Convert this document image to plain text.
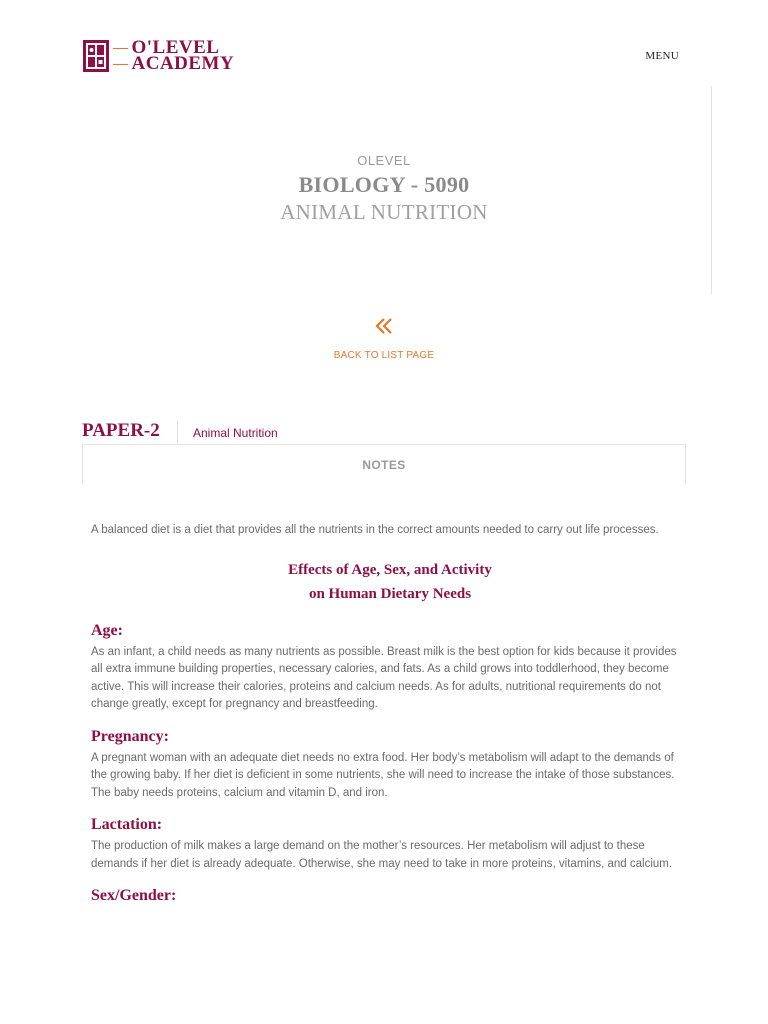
— O'LEVEL
— ACADEMY	MENU
OLEVEL
BIOLOGY - 5090
ANIMAL NUTRITION
BACK TO LIST PAGE
PAPER-2	Animal Nutrition
NOTES

A balanced diet is a diet that provides all the nutrients in the correct amounts needed to carry out life processes.

Effects of Age, Sex, and Activity
on Human Dietary Needs
Age:

As an infant, a child needs as many nutrients as possible. Breast milk is the best option for kids because it provides all extra immune building properties, necessary calories, and fats. As a child grows into toddlerhood, they become active. This will increase their calories, proteins and calcium needs. As for adults, nutritional requirements do not change greatly, except for pregnancy and breastfeeding.

Pregnancy:

A pregnant woman with an adequate diet needs no extra food. Her body’s metabolism will adapt to the demands of the growing baby. If her diet is deficient in some nutrients, she will need to increase the intake of those substances. The baby needs proteins, calcium and vitamin D, and iron.

Lactation:

The production of milk makes a large demand on the mother’s resources. Her metabolism will adjust to these demands if her diet is already adequate. Otherwise, she may need to take in more proteins, vitamins, and calcium.

Sex/Gender:
